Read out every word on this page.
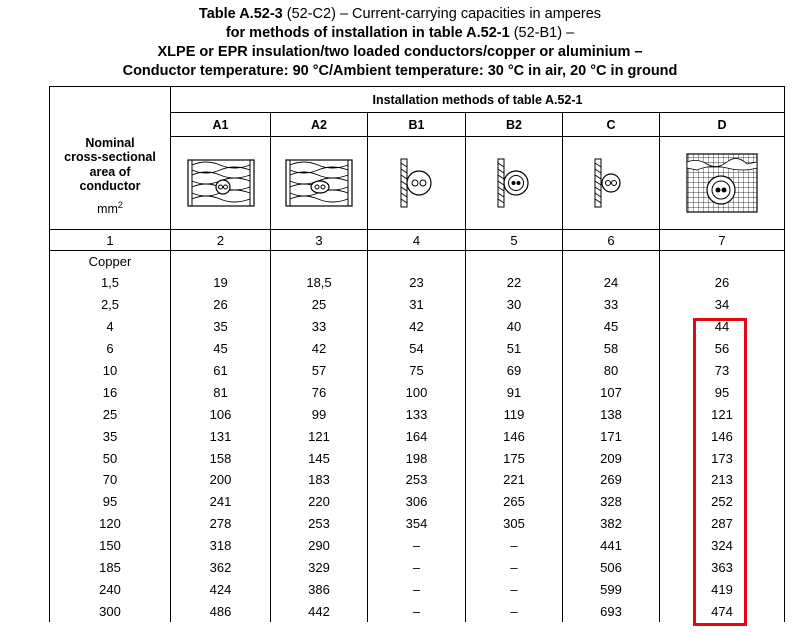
Table A.52-3 (52-C2) – Current-carrying capacities in amperes
for methods of installation in table A.52-1 (52-B1) –
XLPE or EPR insulation/two loaded conductors/copper or aluminium –
Conductor temperature: 90 °C/Ambient temperature: 30 °C in air, 20 °C in ground
Nominal
cross-sectional
area of
conductor
$mm^2$	Installation methods of table A.52-1					
	A1	A2	B1	B2	C	D

1	2	3	4	5	6	7
Copper						
1,5	19	18,5	23	22	24	26
2,5	26	25	31	30	33	34
4	35	33	42	40	45	44
6	45	42	54	51	58	56
10	61	57	75	69	80	73
16	81	76	100	91	107	95
25	106	99	133	119	138	121
35	131	121	164	146	171	146
50	158	145	198	175	209	173
70	200	183	253	221	269	213
95	241	220	306	265	328	252
120	278	253	354	305	382	287
150	318	290	–	–	441	324
185	362	329	–	–	506	363
240	424	386	–	–	599	419
300	486	442	–	–	693	474
